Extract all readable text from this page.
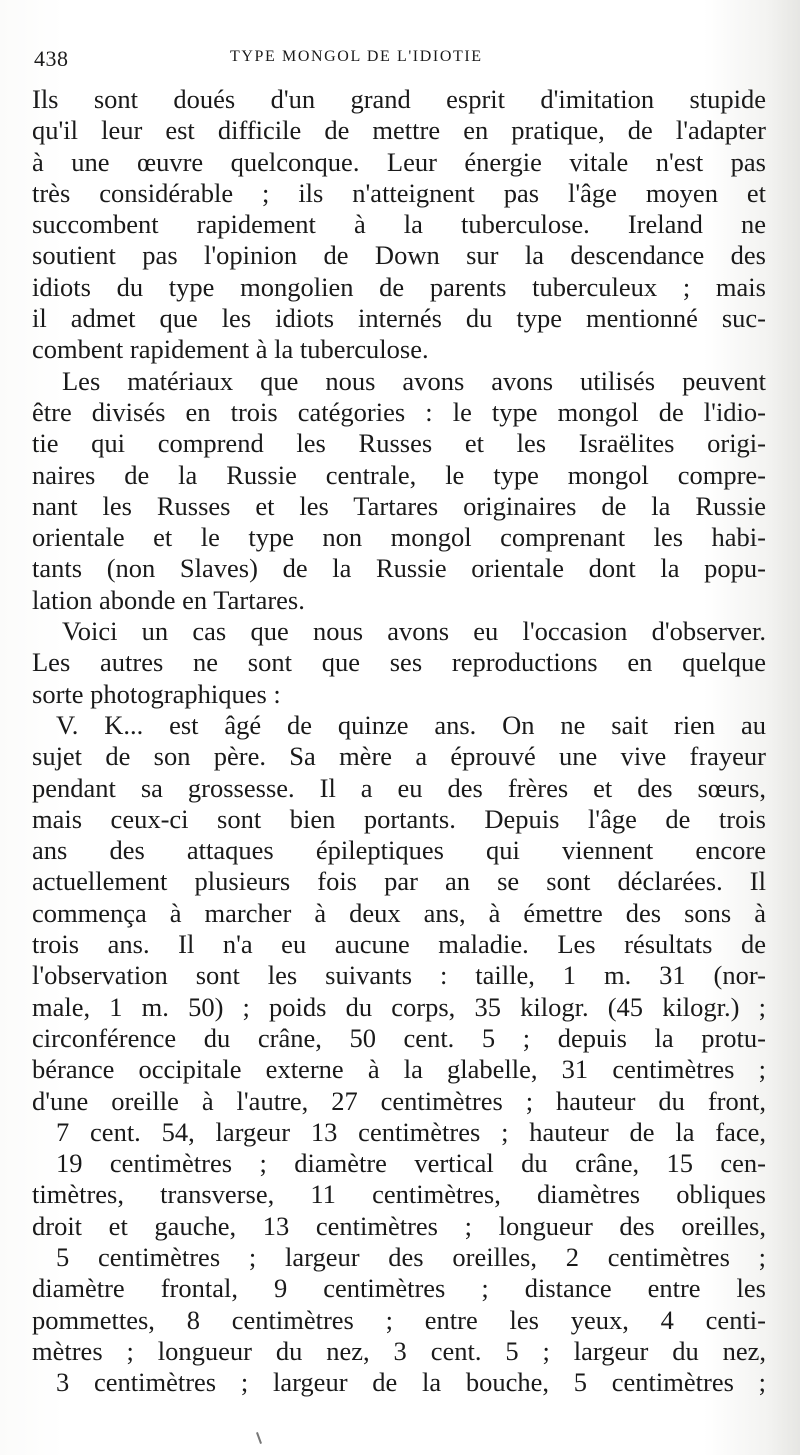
438	TYPE MONGOL DE L'IDIOTIE
Ils sont doués d'un grand esprit d'imitation stupide
qu'il leur est difficile de mettre en pratique, de l'adapter
à une œuvre quelconque. Leur énergie vitale n'est pas
très considérable ; ils n'atteignent pas l'âge moyen et
succombent rapidement à la tuberculose. Ireland ne
soutient pas l'opinion de Down sur la descendance des
idiots du type mongolien de parents tuberculeux ; mais
il admet que les idiots internés du type mentionné suc-
combent rapidement à la tuberculose.
Les matériaux que nous avons avons utilisés peuvent
être divisés en trois catégories : le type mongol de l'idio-
tie qui comprend les Russes et les Israëlites origi-
naires de la Russie centrale, le type mongol compre-
nant les Russes et les Tartares originaires de la Russie
orientale et le type non mongol comprenant les habi-
tants (non Slaves) de la Russie orientale dont la popu-
lation abonde en Tartares.
Voici un cas que nous avons eu l'occasion d'observer.
Les autres ne sont que ses reproductions en quelque
sorte photographiques :
V. K... est âgé de quinze ans. On ne sait rien au
sujet de son père. Sa mère a éprouvé une vive frayeur
pendant sa grossesse. Il a eu des frères et des sœurs,
mais ceux-ci sont bien portants. Depuis l'âge de trois
ans des attaques épileptiques qui viennent encore
actuellement plusieurs fois par an se sont déclarées. Il
commença à marcher à deux ans, à émettre des sons à
trois ans. Il n'a eu aucune maladie. Les résultats de
l'observation sont les suivants : taille, 1 m. 31 (nor-
male, 1 m. 50) ; poids du corps, 35 kilogr. (45 kilogr.) ;
circonférence du crâne, 50 cent. 5 ; depuis la protu-
bérance occipitale externe à la glabelle, 31 centimètres ;
d'une oreille à l'autre, 27 centimètres ; hauteur du front,
7 cent. 54, largeur 13 centimètres ; hauteur de la face,
19 centimètres ; diamètre vertical du crâne, 15 cen-
timètres, transverse, 11 centimètres, diamètres obliques
droit et gauche, 13 centimètres ; longueur des oreilles,
5 centimètres ; largeur des oreilles, 2 centimètres ;
diamètre frontal, 9 centimètres ; distance entre les
pommettes, 8 centimètres ; entre les yeux, 4 centi-
mètres ; longueur du nez, 3 cent. 5 ; largeur du nez,
3 centimètres ; largeur de la bouche, 5 centimètres ;
